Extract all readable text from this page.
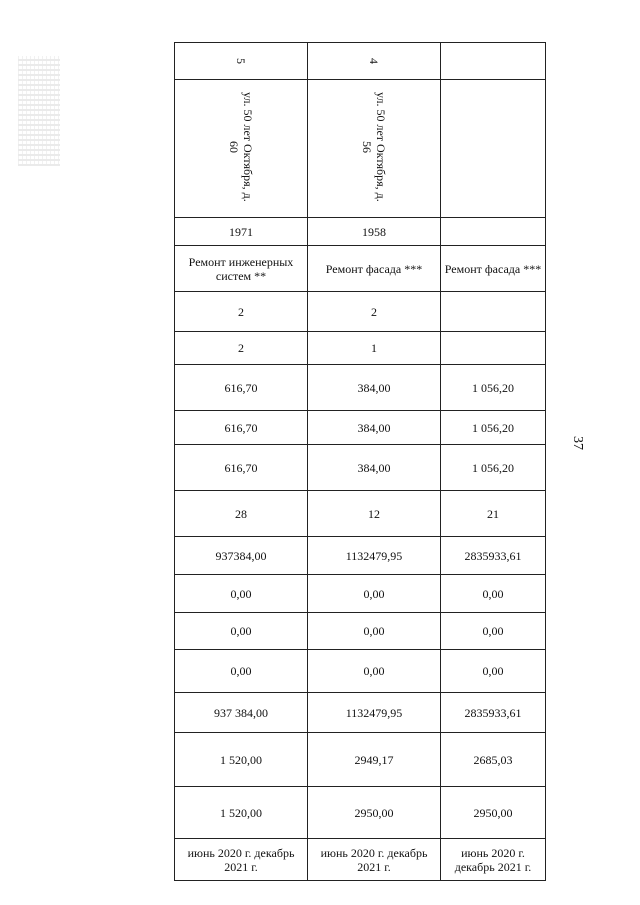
37
5	4	
ул. 50 лет Октября, д. 60	ул. 50 лет Октября, д. 56	
1971	1958	
Ремонт инженерных систем **	Ремонт фасада ***	Ремонт фасада ***
2	2	
2	1	
616,70	384,00	1 056,20
616,70	384,00	1 056,20
616,70	384,00	1 056,20
28	12	21
937384,00	1132479,95	2835933,61
0,00	0,00	0,00
0,00	0,00	0,00
0,00	0,00	0,00
937 384,00	1132479,95	2835933,61
1 520,00	2949,17	2685,03
1 520,00	2950,00	2950,00
июнь 2020 г. декабрь 2021 г.	июнь 2020 г. декабрь 2021 г.	июнь 2020 г. декабрь 2021 г.
